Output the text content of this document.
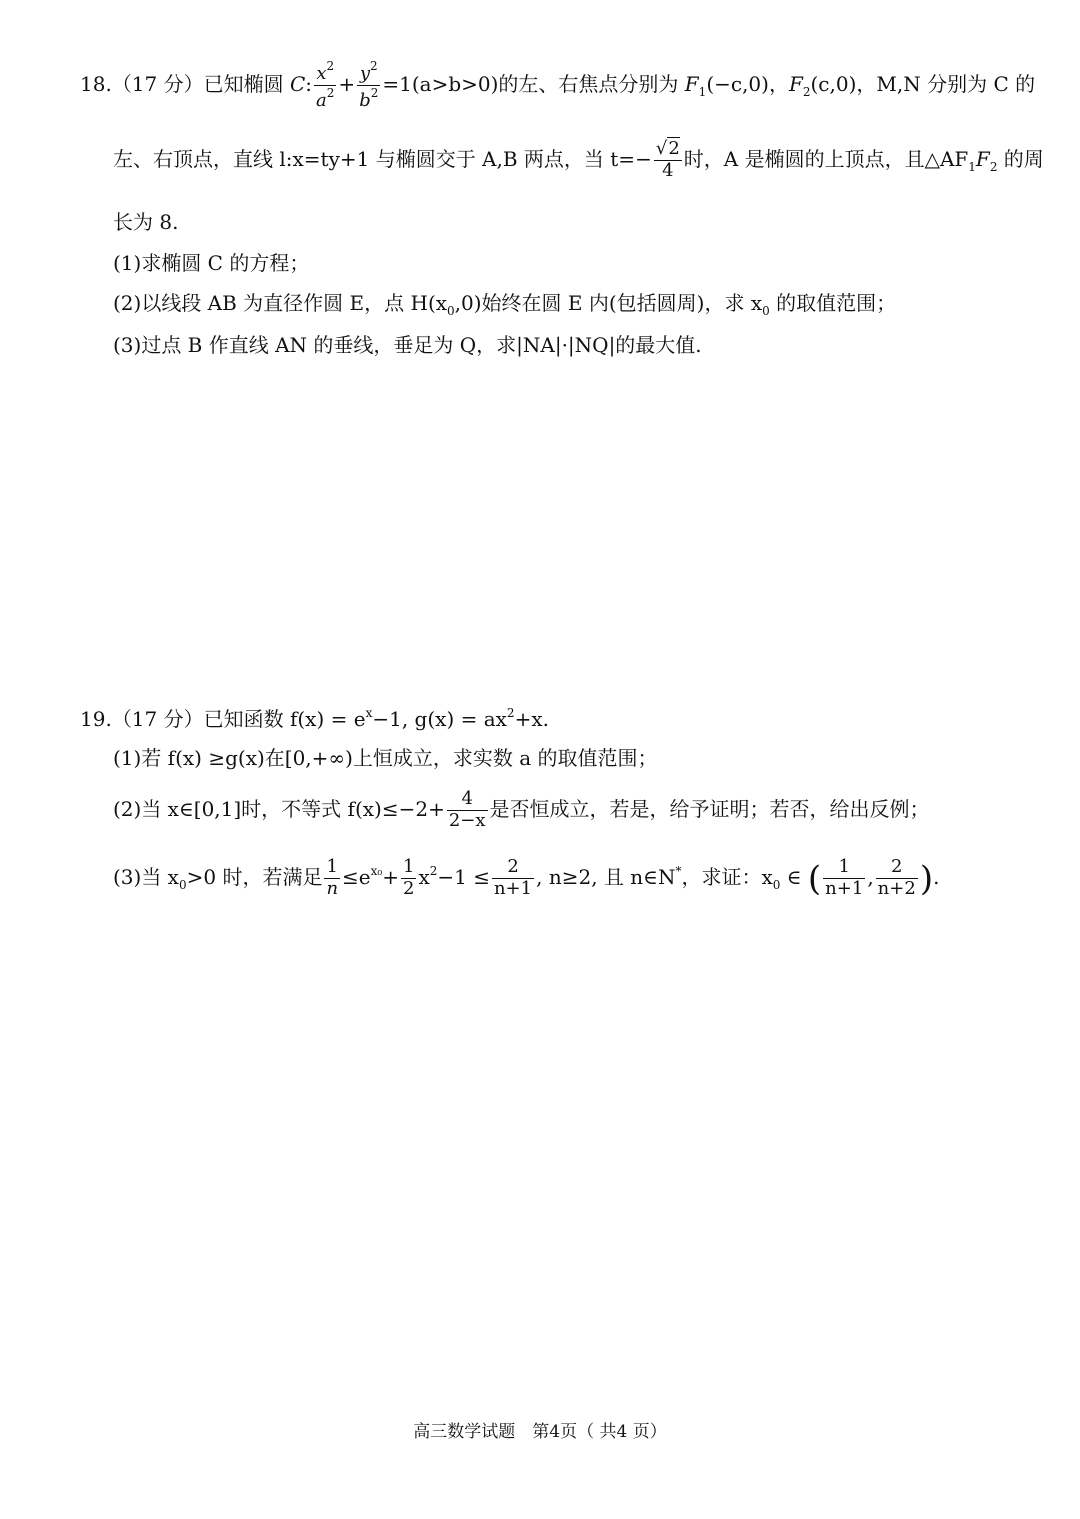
18.（17 分）已知椭圆 C: $\frac{x^2}{a^2} + \frac{y^2}{b^2} =1(a>b>0)$的左、右焦点分别为 $F_1(-c,0)$，$F_2(c,0)$，M,N 分别为 C 的
左、右顶点，直线 l:x=ty+1 与椭圆交于 A,B 两点，当 $t=- \frac{√2}{4}$ 时，A 是椭圆的上顶点，且$\triangle AF_1F_2$ 的周
长为 8.
(1)求椭圆 C 的方程；
(2)以线段 AB 为直径作圆 E，点 $H(x_0,0)$始终在圆 E 内(包括圆周)，求 $x_0$ 的取值范围；
(3)过点 B 作直线 AN 的垂线，垂足为 Q，求|NA|·|NQ|的最大值.
19.（17 分）已知函数 $f(x) = e^x-1$, $g(x) = ax^2+x$.
(1)若 f(x) ≥g(x)在[0,+∞)上恒成立，求实数 a 的取值范围；
(2)当 x∈[0,1]时，不等式 $f(x)\le-2+ \frac{4}{2-x}$ 是否恒成立，若是，给予证明；若否，给出反例；
(3)当 $x_0>0$ 时，若满足 $\frac{1}{n} \le e^{x_0}+ \frac{1}{2} x^2-1 \le \frac{2}{n+1}$ , n≥2, 且 n∈N*，求证：$x_0$ ∈ ( $\frac{1}{n+1}$ , $\frac{2}{n+2}$ ).
高三数学试题　第4页（ 共4 页）
